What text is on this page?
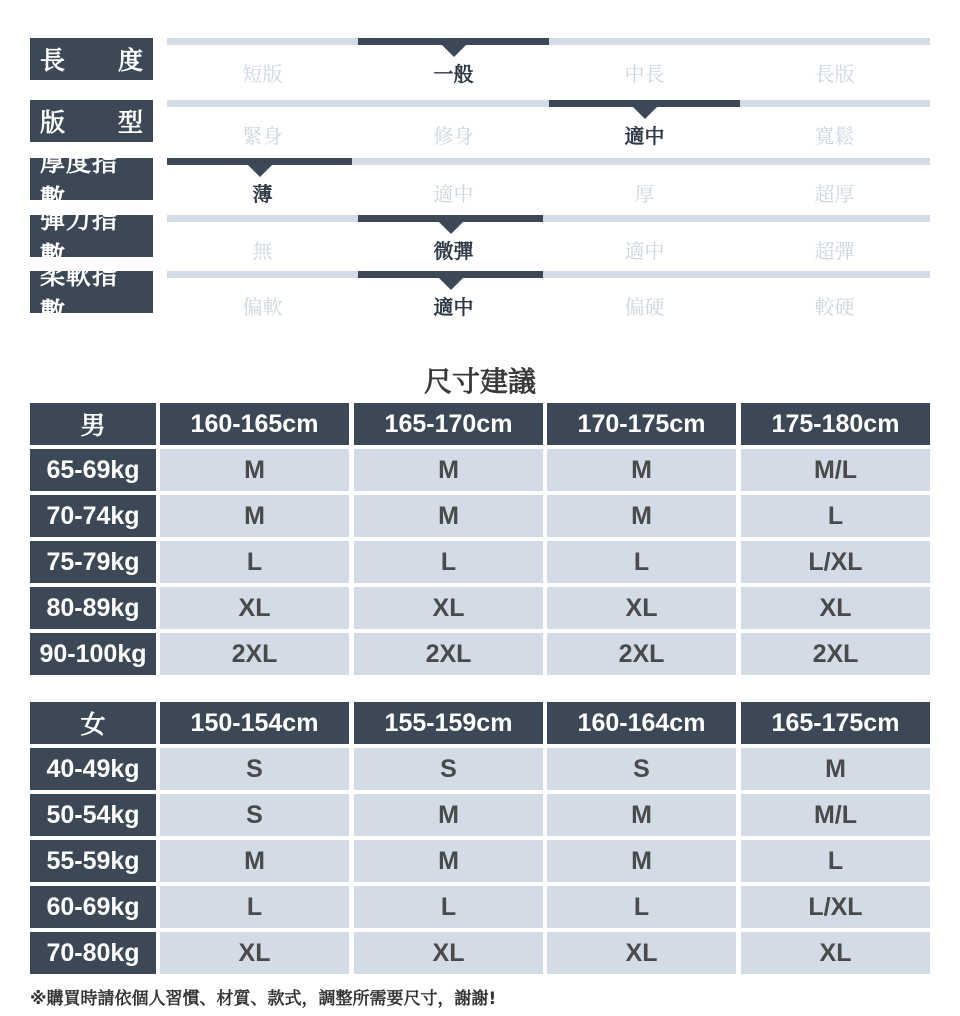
長 度	短版	一般	中長	長版
版 型	緊身	修身	適中	寬鬆
厚度指數	薄	適中	厚	超厚
彈力指數	無	微彈	適中	超彈
柔軟指數	偏軟	適中	偏硬	較硬
尺寸建議
男	160-165cm	165-170cm	170-175cm	175-180cm
65-69kg	M	M	M	M/L
70-74kg	M	M	M	L
75-79kg	L	L	L	L/XL
80-89kg	XL	XL	XL	XL
90-100kg	2XL	2XL	2XL	2XL
女	150-154cm	155-159cm	160-164cm	165-175cm
40-49kg	S	S	S	M
50-54kg	S	M	M	M/L
55-59kg	M	M	M	L
60-69kg	L	L	L	L/XL
70-80kg	XL	XL	XL	XL
※購買時請依個人習慣、材質、款式，調整所需要尺寸，謝謝!
